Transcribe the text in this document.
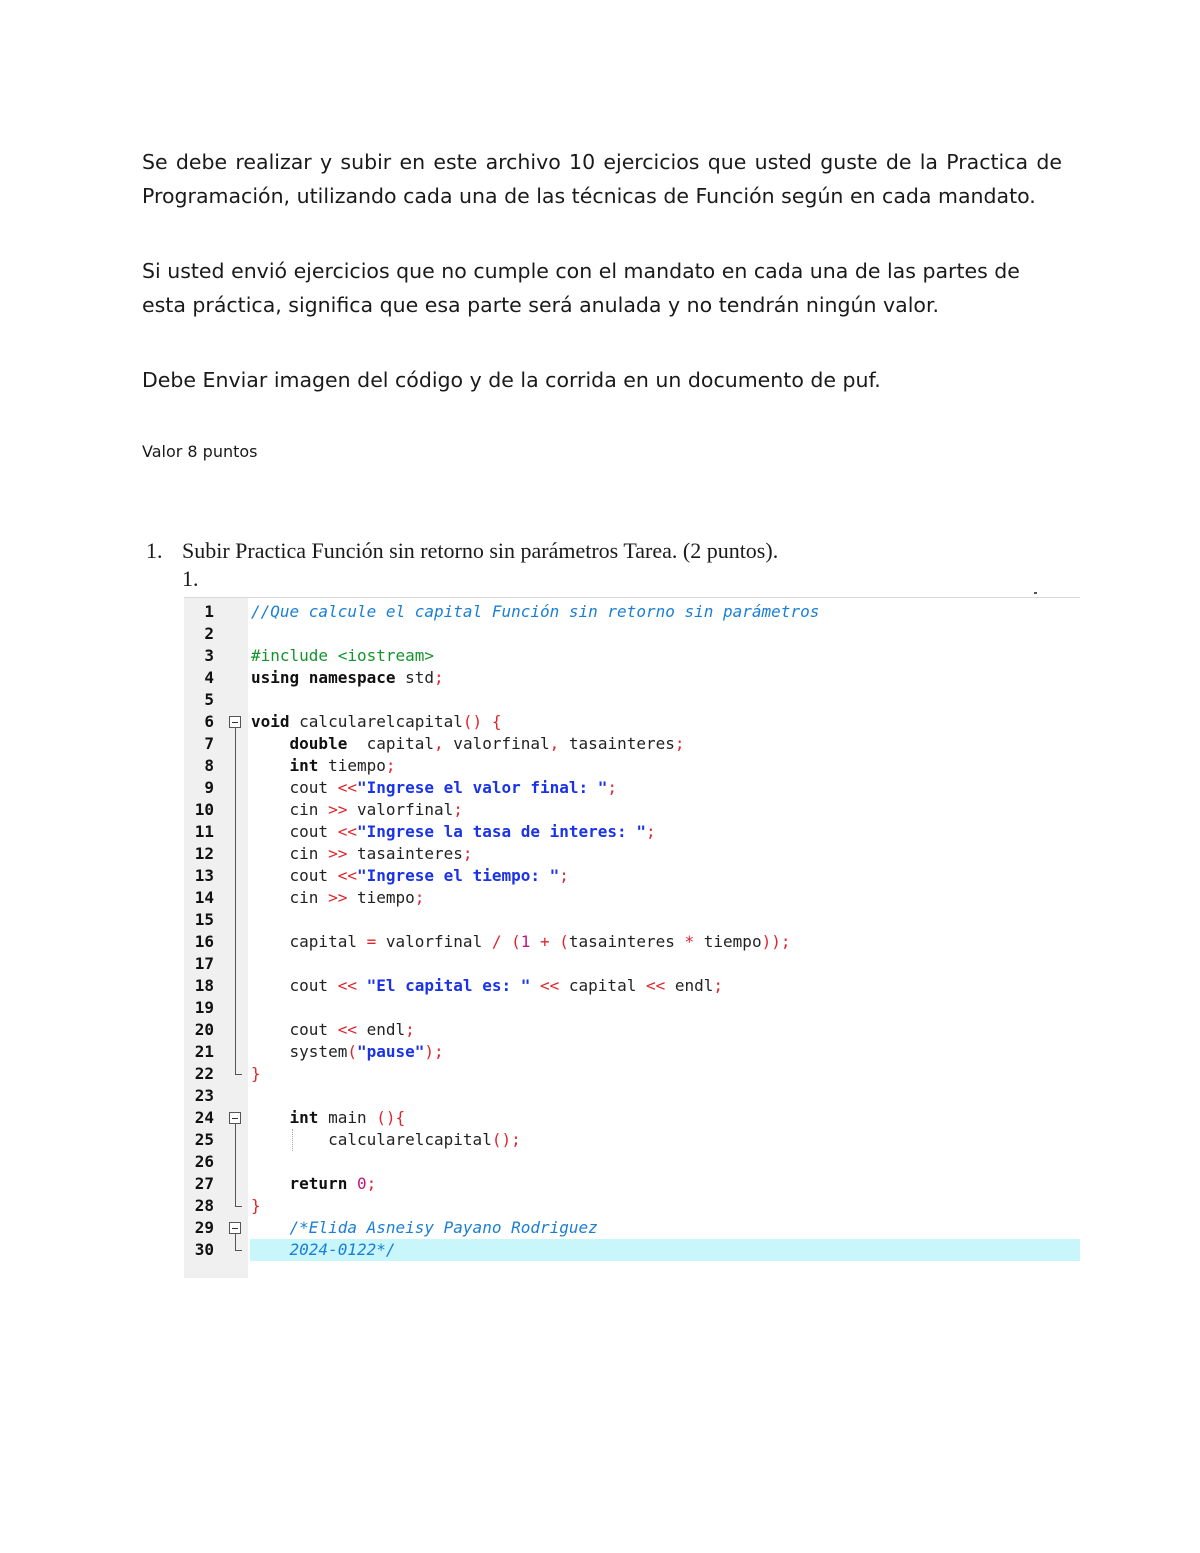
Se debe realizar y subir en este archivo 10 ejercicios que usted guste de la Practica de Programación, utilizando cada una de las técnicas de Función según en cada mandato.

Si usted envió ejercicios que no cumple con el mandato en cada una de las partes de esta práctica, significa que esa parte será anulada y no tendrán ningún valor.

Debe Enviar imagen del código y de la corrida en un documento de puf.

Valor 8 puntos
1. Subir Practica Función sin retorno sin parámetros Tarea. (2 puntos).
1.
1 //Que calcule el capital Función sin retorno sin parámetros
2
3 #include <iostream>
4 using namespace std;
5
6 void calcularelcapital() {
7	double  capital, valorfinal, tasainteres;
8	int tiempo;
9 cout <<"Ingrese el valor final: ";
10 cin >> valorfinal;
11 cout <<"Ingrese la tasa de interes: ";
12 cin >> tasainteres;
13 cout <<"Ingrese el tiempo: ";
14 cin >> tiempo;
15
16 capital = valorfinal / (1 + (tasainteres * tiempo));
17
18 cout << "El capital es: " << capital << endl;
19
20 cout << endl;
21 system("pause");
22 }
23
24	int main (){
25 calcularelcapital();
26
27	return 0;
28 }
29 /*Elida Asneisy Payano Rodriguez
30 2024-0122*/
